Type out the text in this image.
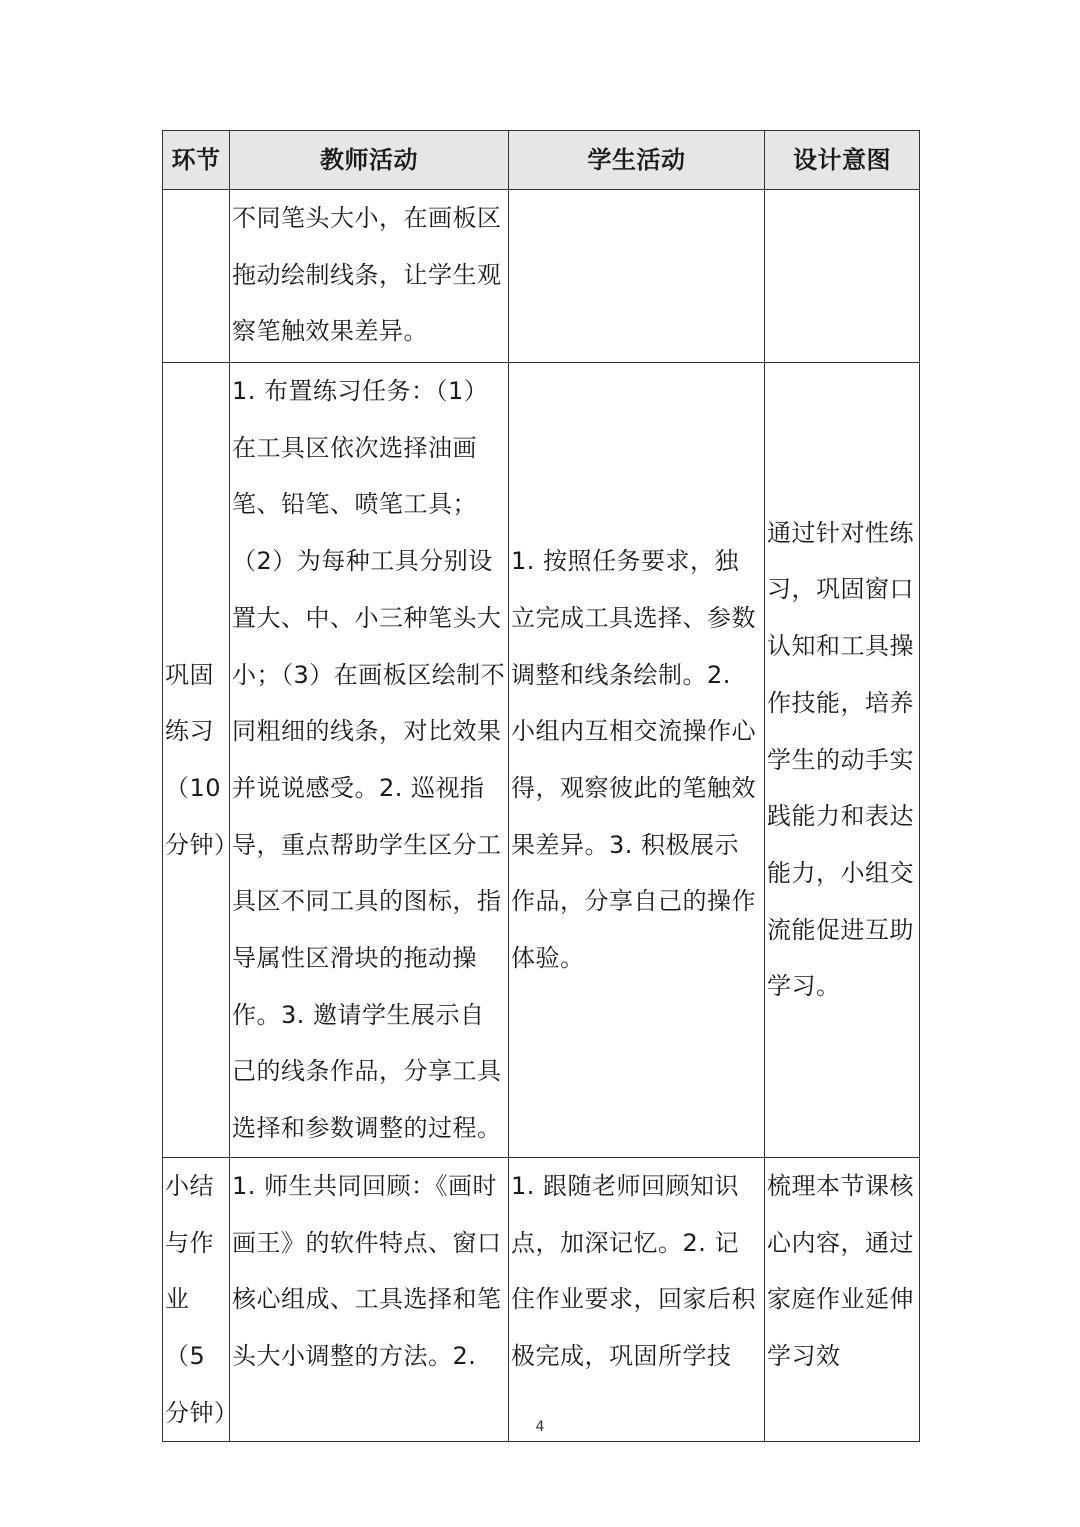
环节	教师活动	学生活动	设计意图

	不同笔头大小，在画板区拖动绘制线条，让学生观察笔触效果差异。		

巩固练习（10分钟）	1. 布置练习任务：（1）在工具区依次选择油画笔、铅笔、喷笔工具；（2）为每种工具分别设置大、中、小三种笔头大小；（3）在画板区绘制不同粗细的线条，对比效果并说说感受。2. 巡视指导，重点帮助学生区分工具区不同工具的图标，指导属性区滑块的拖动操作。3. 邀请学生展示自己的线条作品，分享工具选择和参数调整的过程。	1. 按照任务要求，独立完成工具选择、参数调整和线条绘制。2. 小组内互相交流操作心得，观察彼此的笔触效果差异。3. 积极展示作品，分享自己的操作体验。	通过针对性练习，巩固窗口认知和工具操作技能，培养学生的动手实践能力和表达能力，小组交流能促进互助学习。

小结与作业（5分钟）	1. 师生共同回顾：《画时画王》的软件特点、窗口核心组成、工具选择和笔头大小调整的方法。2.	1. 跟随老师回顾知识点，加深记忆。2. 记住作业要求，回家后积极完成，巩固所学技	梳理本节课核心内容，通过家庭作业延伸学习效
4
